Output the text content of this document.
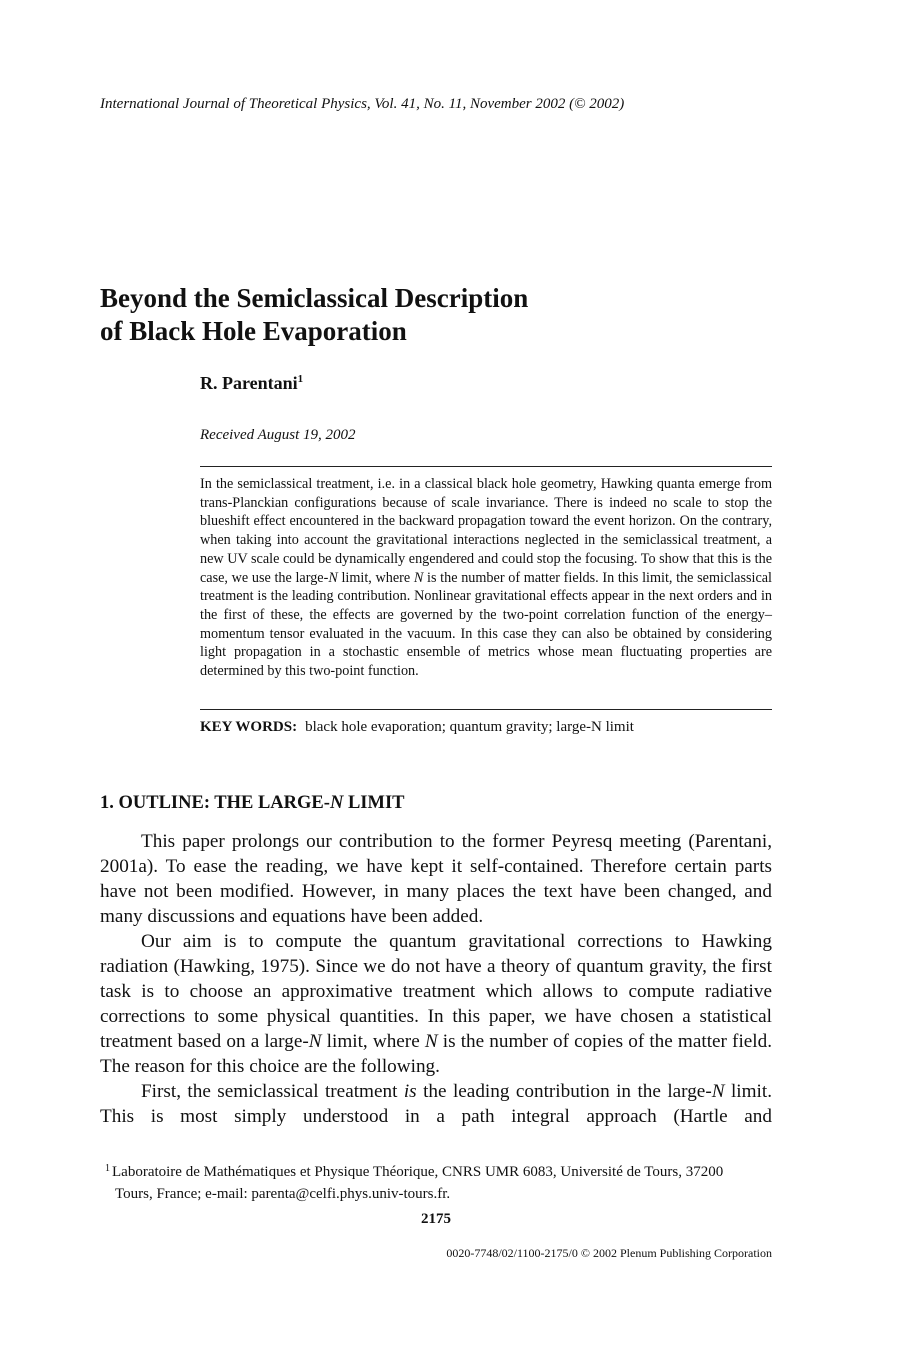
International Journal of Theoretical Physics, Vol. 41, No. 11, November 2002 (© 2002)
Beyond the Semiclassical Description
of Black Hole Evaporation
R. Parentani$^1$
Received August 19, 2002
In the semiclassical treatment, i.e. in a classical black hole geometry, Hawking quanta emerge from trans-Planckian configurations because of scale invariance. There is indeed no scale to stop the blueshift effect encountered in the backward propagation toward the event horizon. On the contrary, when taking into account the gravitational interactions neglected in the semiclassical treatment, a new UV scale could be dynamically engendered and could stop the focusing. To show that this is the case, we use the large-N limit, where N is the number of matter fields. In this limit, the semiclassical treatment is the leading contribution. Nonlinear gravitational effects appear in the next orders and in the first of these, the effects are governed by the two-point correlation function of the energy–momentum tensor evaluated in the vacuum. In this case they can also be obtained by considering light propagation in a stochastic ensemble of metrics whose mean fluctuating properties are determined by this two-point function.
KEY WORDS: black hole evaporation; quantum gravity; large-N limit
1. OUTLINE: THE LARGE-N LIMIT

This paper prolongs our contribution to the former Peyresq meeting (Parentani, 2001a). To ease the reading, we have kept it self-contained. Therefore certain parts have not been modified. However, in many places the text have been changed, and many discussions and equations have been added.

Our aim is to compute the quantum gravitational corrections to Hawking radiation (Hawking, 1975). Since we do not have a theory of quantum gravity, the first task is to choose an approximative treatment which allows to compute radiative corrections to some physical quantities. In this paper, we have chosen a statistical treatment based on a large-N limit, where N is the number of copies of the matter field. The reason for this choice are the following.

First, the semiclassical treatment is the leading contribution in the large-N limit. This is most simply understood in a path integral approach (Hartle and

$^1$ Laboratoire de Mathématiques et Physique Théorique, CNRS UMR 6083, Université de Tours, 37200
Tours, France; e-mail: parenta@celfi.phys.univ-tours.fr.
2175
0020-7748/02/1100-2175/0 © 2002 Plenum Publishing Corporation
